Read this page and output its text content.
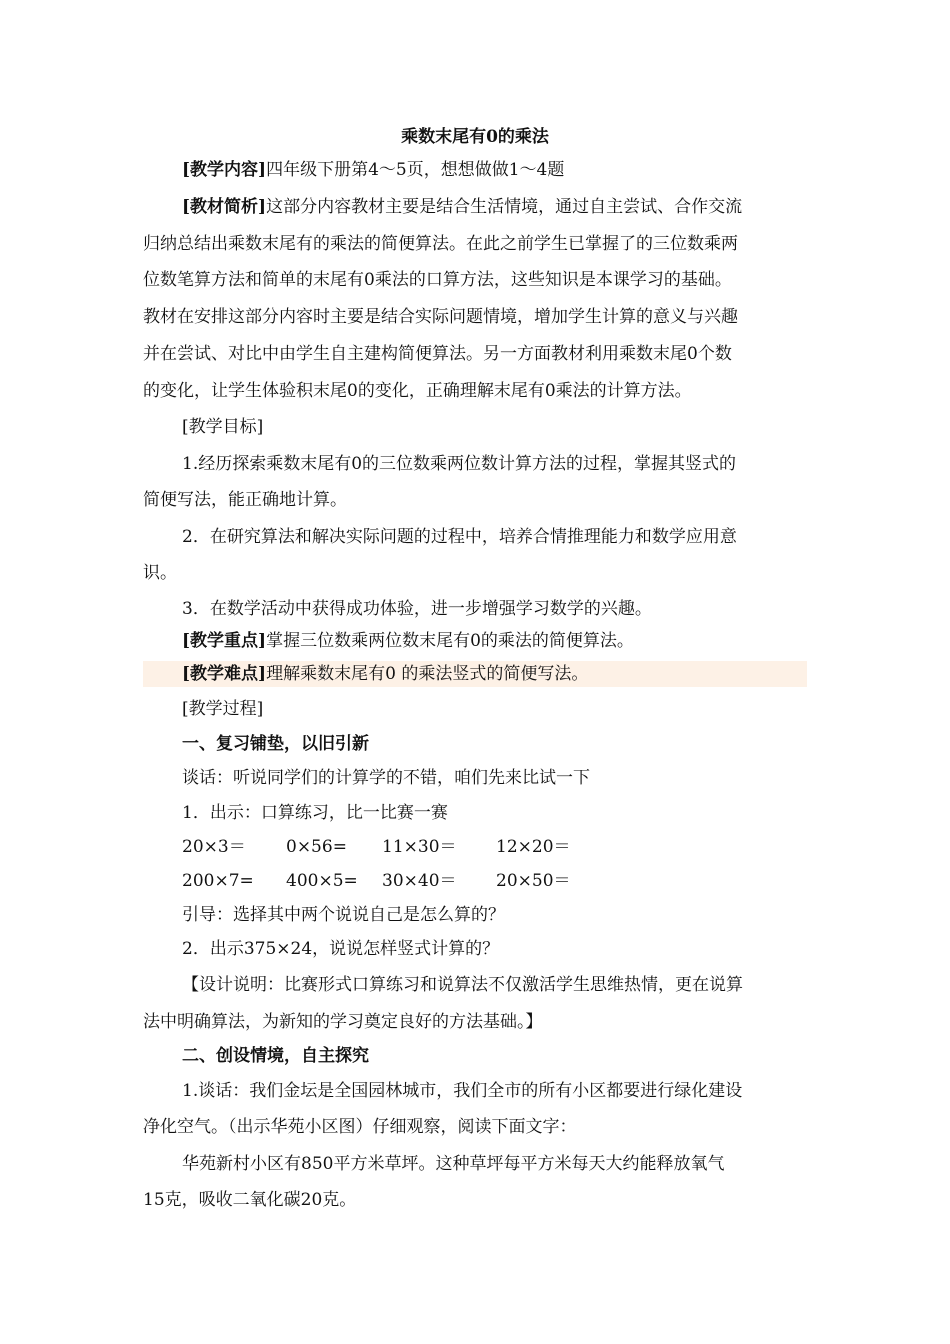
乘数末尾有0的乘法
[教学内容]四年级下册第4～5页，想想做做1～4题
[教材简析]这部分内容教材主要是结合生活情境，通过自主尝试、合作交流
归纳总结出乘数末尾有的乘法的简便算法。在此之前学生已掌握了的三位数乘两
位数笔算方法和简单的末尾有0乘法的口算方法，这些知识是本课学习的基础。
教材在安排这部分内容时主要是结合实际问题情境，增加学生计算的意义与兴趣
并在尝试、对比中由学生自主建构简便算法。另一方面教材利用乘数末尾0个数
的变化，让学生体验积末尾0的变化，正确理解末尾有0乘法的计算方法。
[教学目标]
1.经历探索乘数末尾有0的三位数乘两位数计算方法的过程，掌握其竖式的
简便写法，能正确地计算。
2．在研究算法和解决实际问题的过程中，培养合情推理能力和数学应用意
识。
3．在数学活动中获得成功体验，进一步增强学习数学的兴趣。
[教学重点]掌握三位数乘两位数末尾有0的乘法的简便算法。
[教学难点]理解乘数末尾有0 的乘法竖式的简便写法。
[教学过程]
一、复习铺垫，以旧引新
谈话：听说同学们的计算学的不错，咱们先来比试一下
1．出示：口算练习，比一比赛一赛
20×3＝ 0×56= 11×30＝ 12×20＝
200×7= 400×5= 30×40＝ 20×50＝
引导：选择其中两个说说自己是怎么算的？
2．出示375×24，说说怎样竖式计算的？
【设计说明：比赛形式口算练习和说算法不仅激活学生思维热情，更在说算
法中明确算法，为新知的学习奠定良好的方法基础。】
二、创设情境，自主探究
1.谈话：我们金坛是全国园林城市，我们全市的所有小区都要进行绿化建设
净化空气。（出示华苑小区图）仔细观察，阅读下面文字：
华苑新村小区有850平方米草坪。这种草坪每平方米每天大约能释放氧气
15克，吸收二氧化碳20克。
